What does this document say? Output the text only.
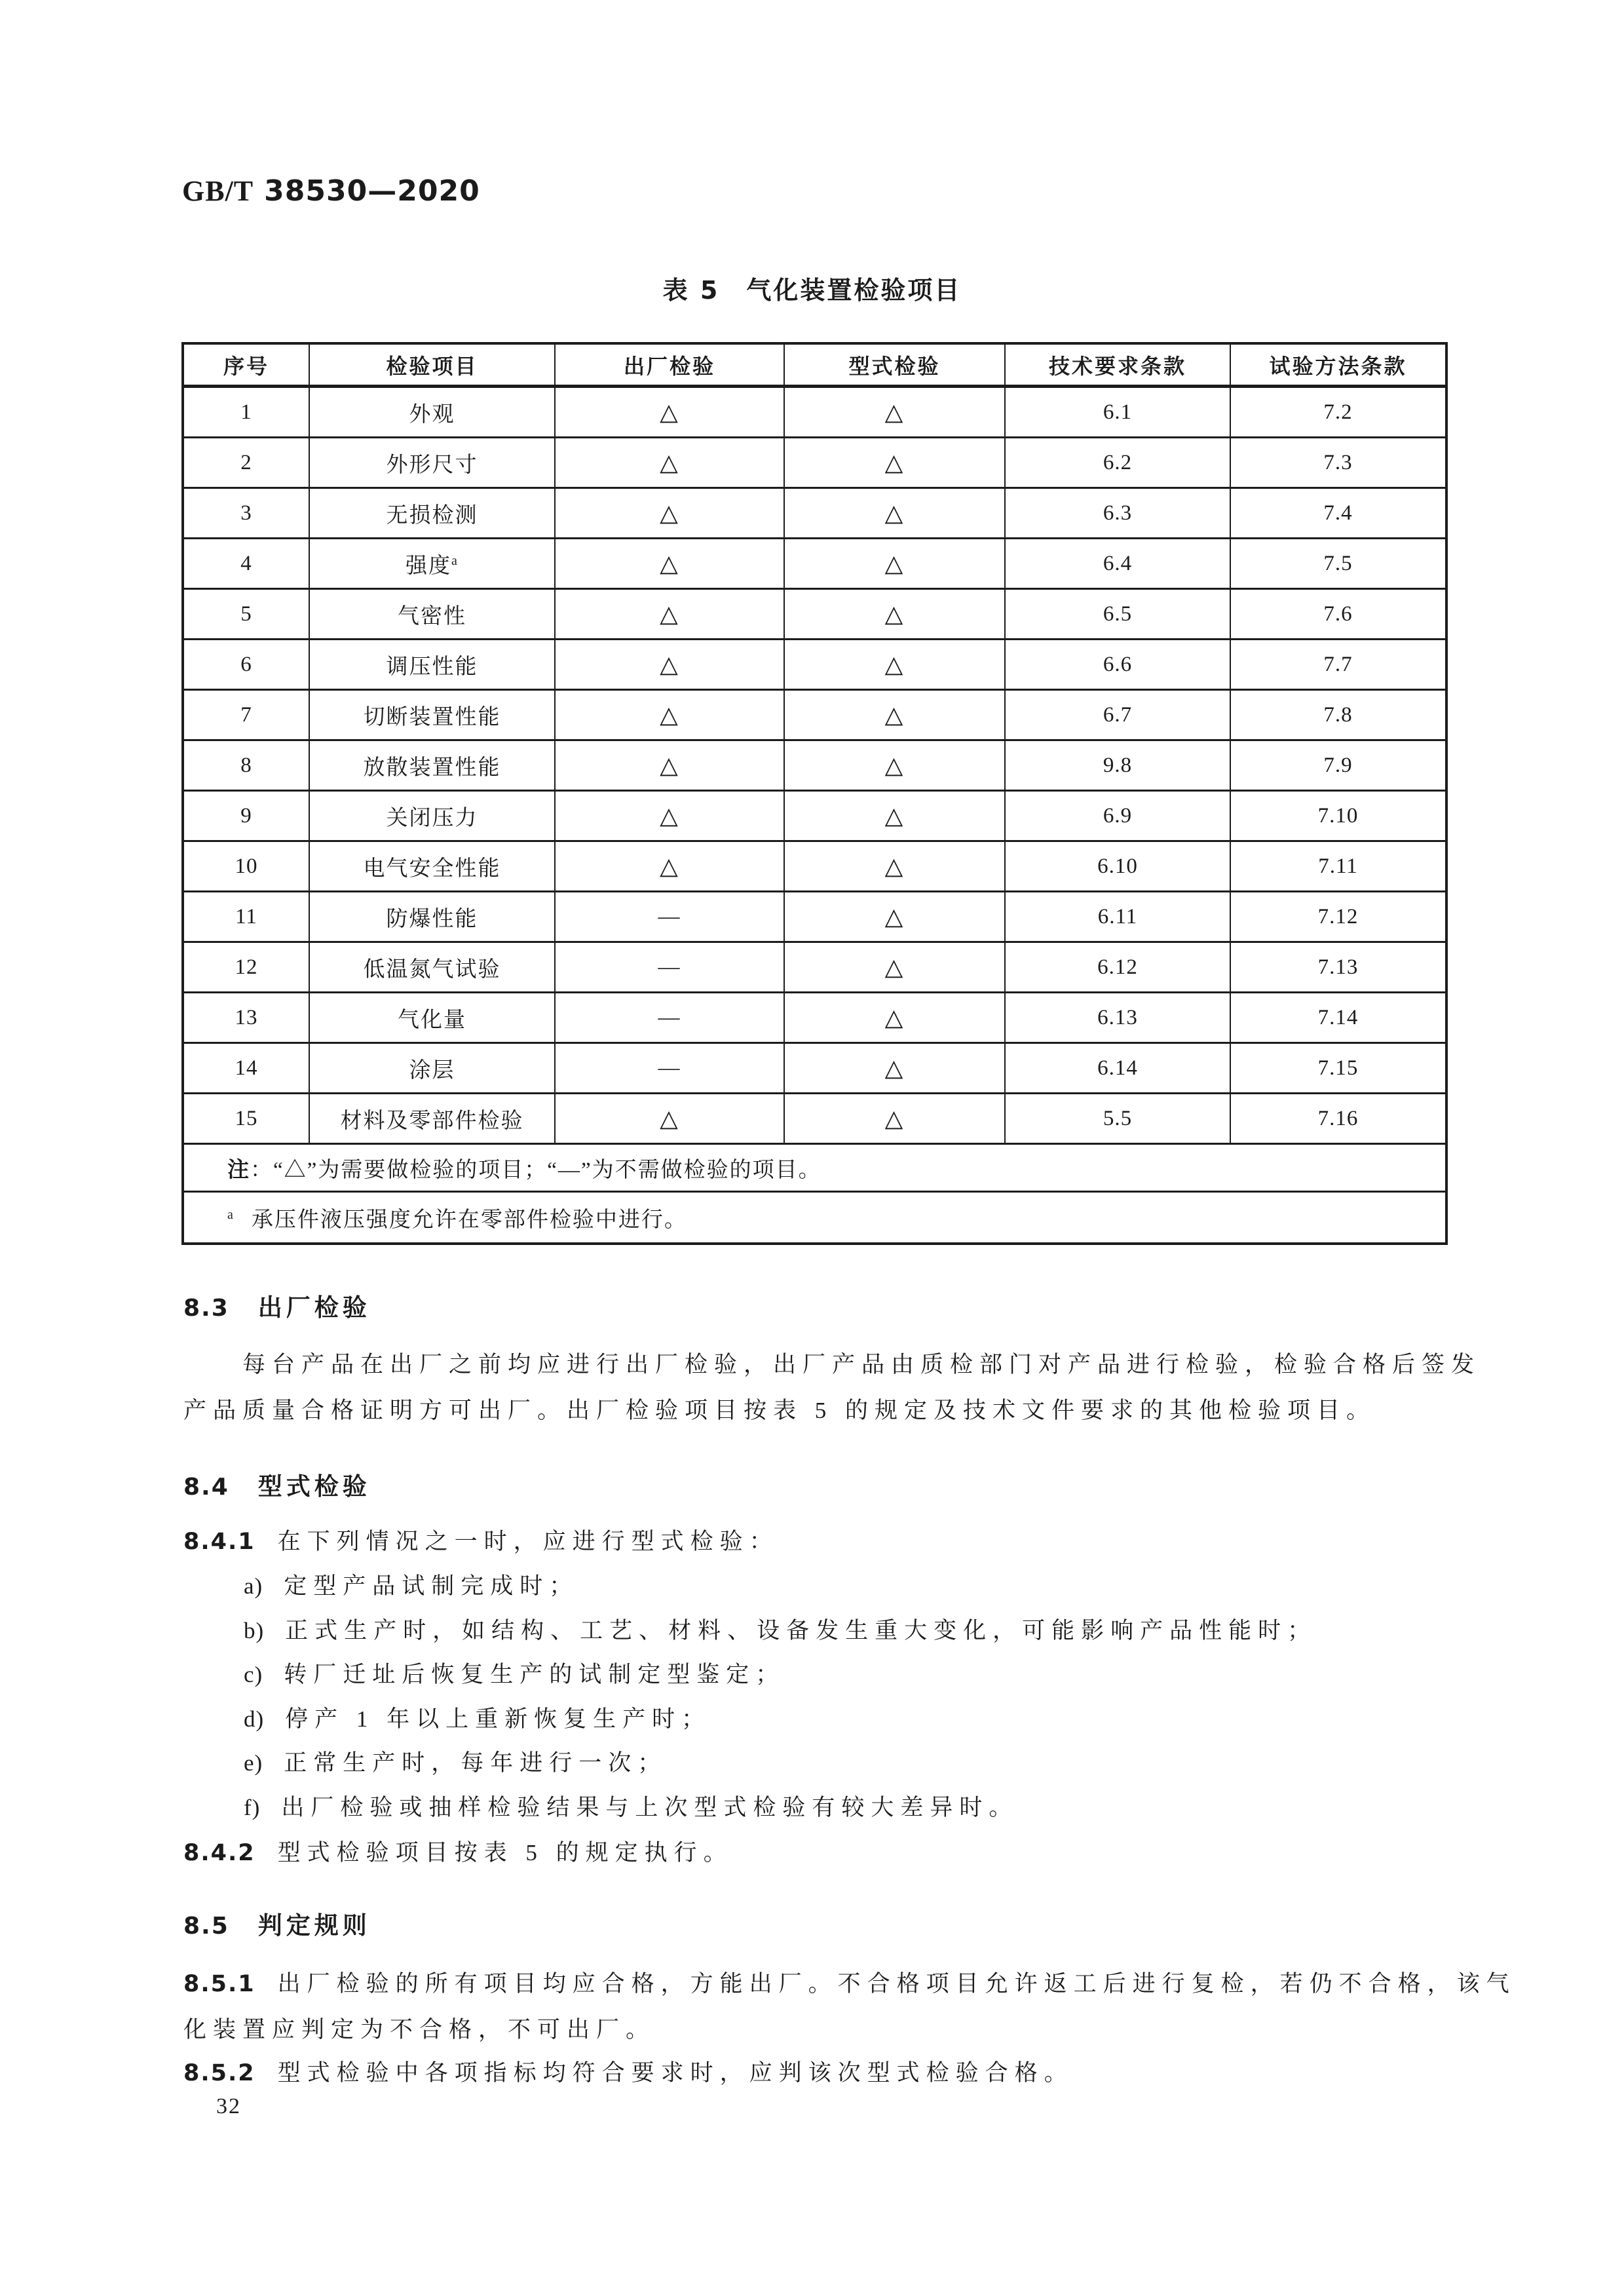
GB/T 38530—2020
表 5　气化装置检验项目
序号	检验项目	出厂检验	型式检验	技术要求条款	试验方法条款
1	外观	△	△	6.1	7.2
2	外形尺寸	△	△	6.2	7.3
3	无损检测	△	△	6.3	7.4
4	强度$^a$	△	△	6.4	7.5
5	气密性	△	△	6.5	7.6
6	调压性能	△	△	6.6	7.7
7	切断装置性能	△	△	6.7	7.8
8	放散装置性能	△	△	9.8	7.9
9	关闭压力	△	△	6.9	7.10
10	电气安全性能	△	△	6.10	7.11
11	防爆性能	—	△	6.11	7.12
12	低温氮气试验	—	△	6.12	7.13
13	气化量	—	△	6.13	7.14
14	涂层	—	△	6.14	7.15
15	材料及零部件检验	△	△	5.5	7.16
注：“△”为需要做检验的项目；“—”为不需做检验的项目。					
$^a$ 承压件液压强度允许在零部件检验中进行。					
8.3 出厂检验
每台产品在出厂之前均应进行出厂检验，出厂产品由质检部门对产品进行检验，检验合格后签发
产品质量合格证明方可出厂。出厂检验项目按表 5 的规定及技术文件要求的其他检验项目。
8.4 型式检验
8.4.1 在下列情况之一时，应进行型式检验：
a) 定型产品试制完成时；
b) 正式生产时，如结构、工艺、材料、设备发生重大变化，可能影响产品性能时；
c) 转厂迁址后恢复生产的试制定型鉴定；
d) 停产 1 年以上重新恢复生产时；
e) 正常生产时，每年进行一次；
f) 出厂检验或抽样检验结果与上次型式检验有较大差异时。
8.4.2 型式检验项目按表 5 的规定执行。
8.5 判定规则
8.5.1 出厂检验的所有项目均应合格，方能出厂。不合格项目允许返工后进行复检，若仍不合格，该气
化装置应判定为不合格，不可出厂。
8.5.2 型式检验中各项指标均符合要求时，应判该次型式检验合格。
32
